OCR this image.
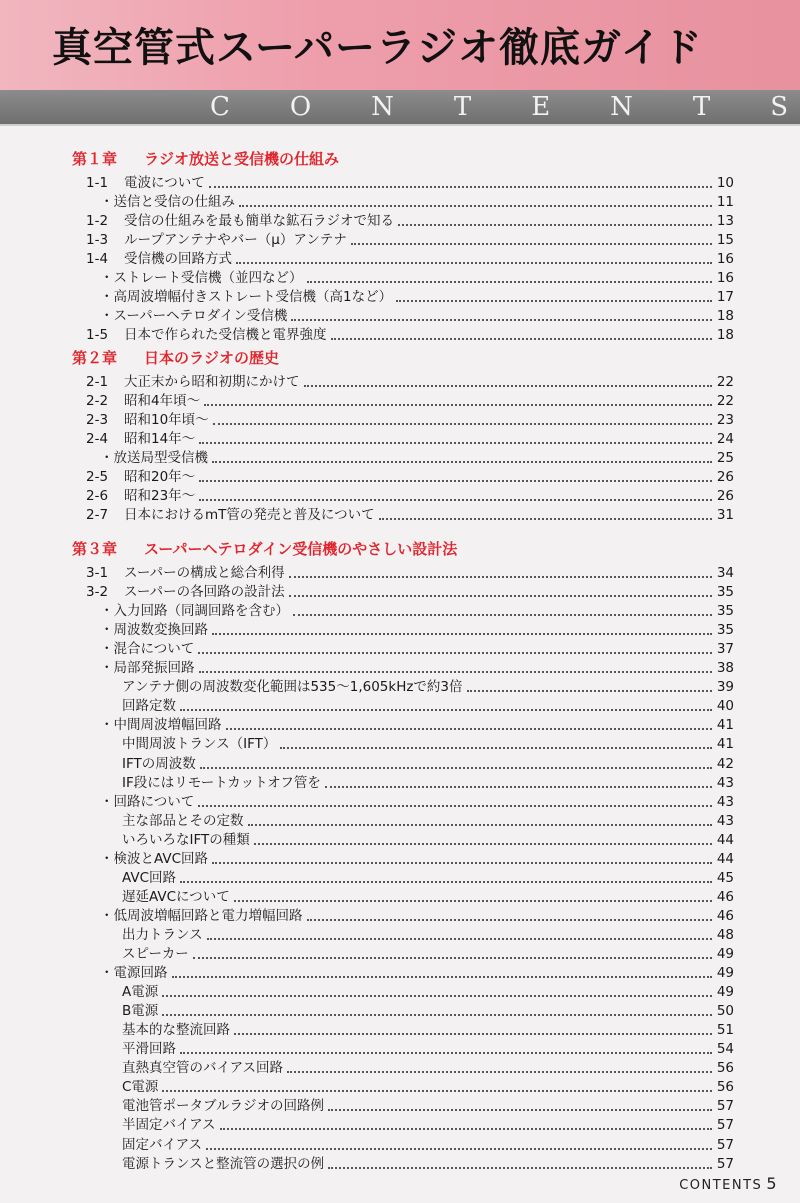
真空管式スーパーラジオ徹底ガイド
C O N T E N T S
第１章 ラジオ放送と受信機の仕組み
第２章 日本のラジオの歴史
第３章 スーパーヘテロダイン受信機のやさしい設計法
1-1	電波について	10
・送信と受信の仕組み	11
1-2	受信の仕組みを最も簡単な鉱石ラジオで知る	13
1-3	ループアンテナやバー（μ）アンテナ	15
1-4	受信機の回路方式	16
・ストレート受信機（並四など）	16
・高周波増幅付きストレート受信機（高1など）	17
・スーパーヘテロダイン受信機	18
1-5	日本で作られた受信機と電界強度	18
2-1	大正末から昭和初期にかけて	22
2-2	昭和4年頃～	22
2-3	昭和10年頃～	23
2-4	昭和14年～	24
・放送局型受信機	25
2-5	昭和20年～	26
2-6	昭和23年～	26
2-7	日本におけるmT管の発売と普及について	31
3-1	スーパーの構成と総合利得	34
3-2	スーパーの各回路の設計法	35
・入力回路（同調回路を含む）	35
・周波数変換回路	35
・混合について	37
・局部発振回路	38
アンテナ側の周波数変化範囲は535～1,605kHzで約3倍	39
回路定数	40
・中間周波増幅回路	41
中間周波トランス（IFT）	41
IFTの周波数	42
IF段にはリモートカットオフ管を	43
・回路について	43
主な部品とその定数	43
いろいろなIFTの種類	44
・検波とAVC回路	44
AVC回路	45
遅延AVCについて	46
・低周波増幅回路と電力増幅回路	46
出力トランス	48
スピーカー	49
・電源回路	49
A電源	49
B電源	50
基本的な整流回路	51
平滑回路	54
直熱真空管のバイアス回路	56
C電源	56
電池管ポータブルラジオの回路例	57
半固定バイアス	57
固定バイアス	57
電源トランスと整流管の選択の例	57
CONTENTS 5
